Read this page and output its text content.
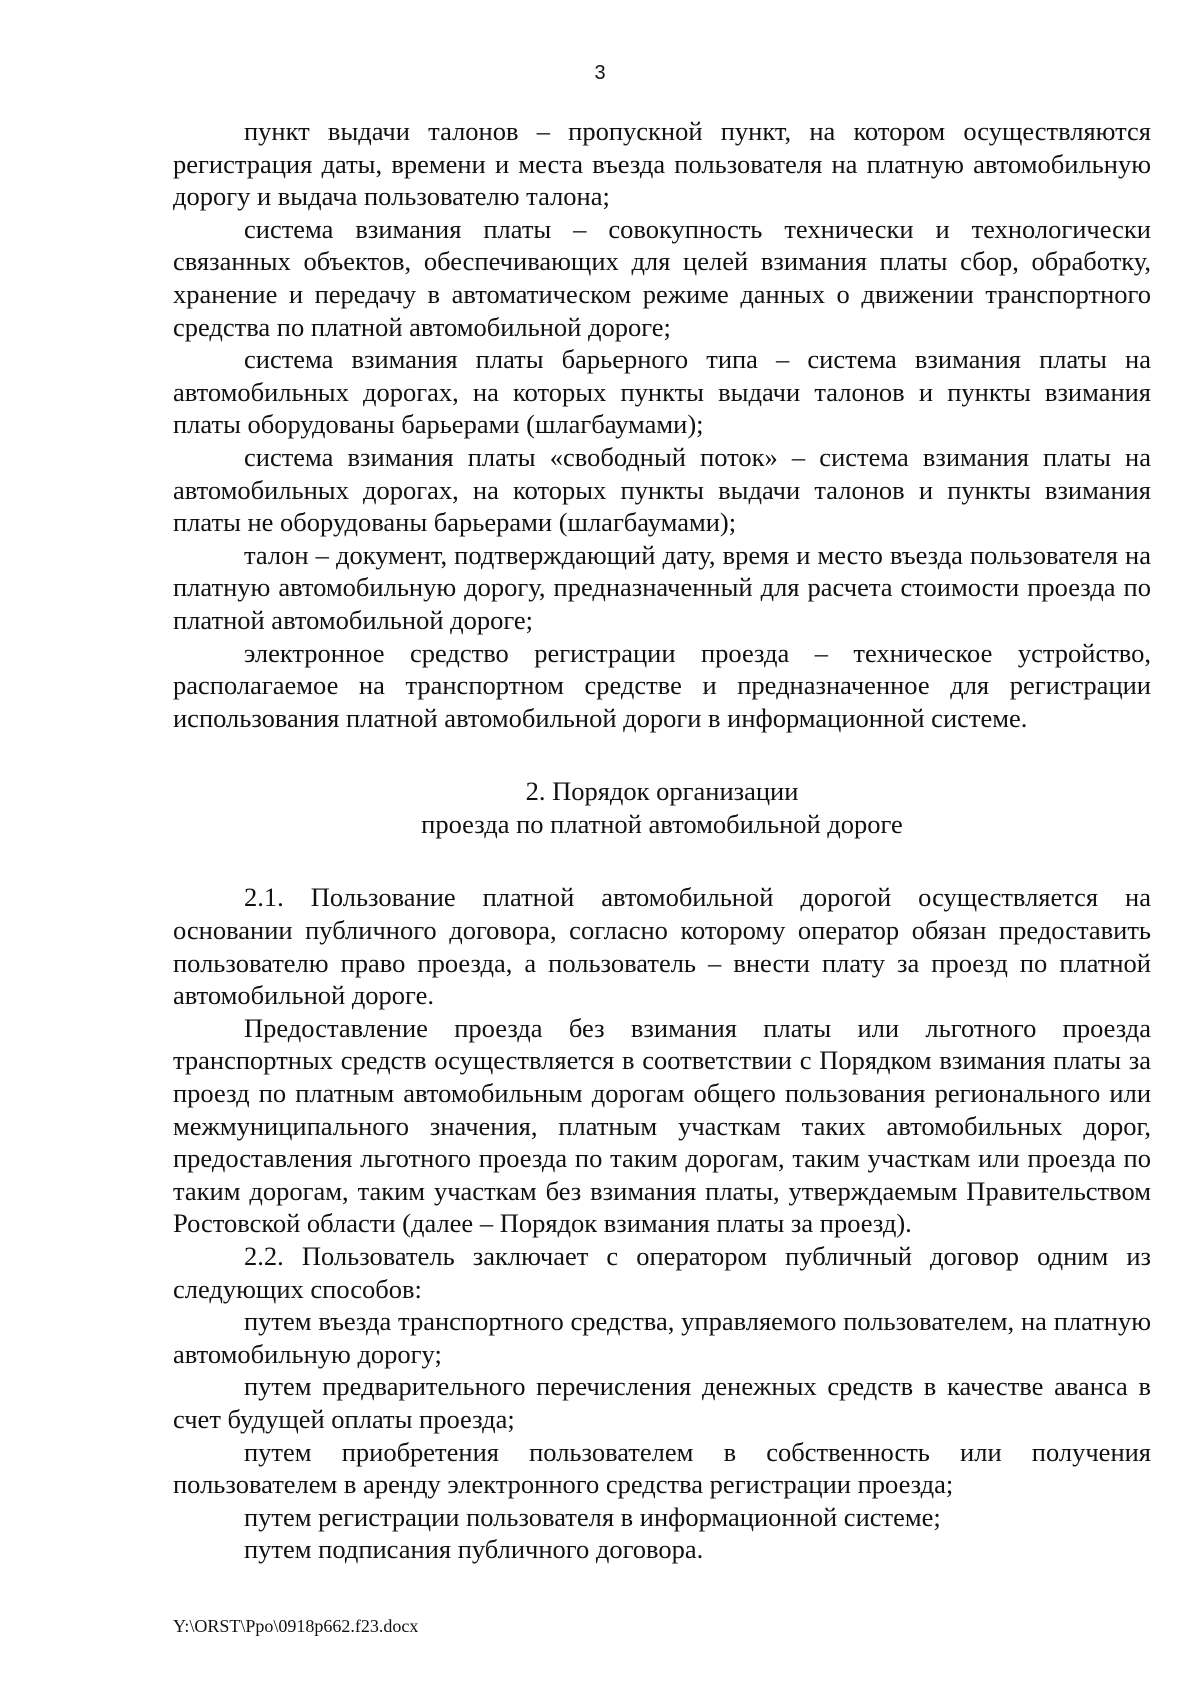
3

пункт выдачи талонов – пропускной пункт, на котором осуществляются регистрация даты, времени и места въезда пользователя на платную автомобильную дорогу и выдача пользователю талона;

система взимания платы – совокупность технически и технологически связанных объектов, обеспечивающих для целей взимания платы сбор, обработку, хранение и передачу в автоматическом режиме данных о движении транспортного средства по платной автомобильной дороге;

система взимания платы барьерного типа – система взимания платы на автомобильных дорогах, на которых пункты выдачи талонов и пункты взимания платы оборудованы барьерами (шлагбаумами);

система взимания платы «свободный поток» – система взимания платы на автомобильных дорогах, на которых пункты выдачи талонов и пункты взимания платы не оборудованы барьерами (шлагбаумами);

талон – документ, подтверждающий дату, время и место въезда пользователя на платную автомобильную дорогу, предназначенный для расчета стоимости проезда по платной автомобильной дороге;

электронное средство регистрации проезда – техническое устройство, располагаемое на транспортном средстве и предназначенное для регистрации использования платной автомобильной дороги в информационной системе.

2. Порядок организации
проезда по платной автомобильной дороге

2.1. Пользование платной автомобильной дорогой осуществляется на основании публичного договора, согласно которому оператор обязан предоставить пользователю право проезда, а пользователь – внести плату за проезд по платной автомобильной дороге.

Предоставление проезда без взимания платы или льготного проезда транспортных средств осуществляется в соответствии с Порядком взимания платы за проезд по платным автомобильным дорогам общего пользования регионального или межмуниципального значения, платным участкам таких автомобильных дорог, предоставления льготного проезда по таким дорогам, таким участкам или проезда по таким дорогам, таким участкам без взимания платы, утверждаемым Правительством Ростовской области (далее – Порядок взимания платы за проезд).

2.2. Пользователь заключает с оператором публичный договор одним из следующих способов:

путем въезда транспортного средства, управляемого пользователем, на платную автомобильную дорогу;

путем предварительного перечисления денежных средств в качестве аванса в счет будущей оплаты проезда;

путем приобретения пользователем в собственность или получения пользователем в аренду электронного средства регистрации проезда;

путем регистрации пользователя в информационной системе;

путем подписания публичного договора.

Y:\ORST\Ppo\0918p662.f23.docx
